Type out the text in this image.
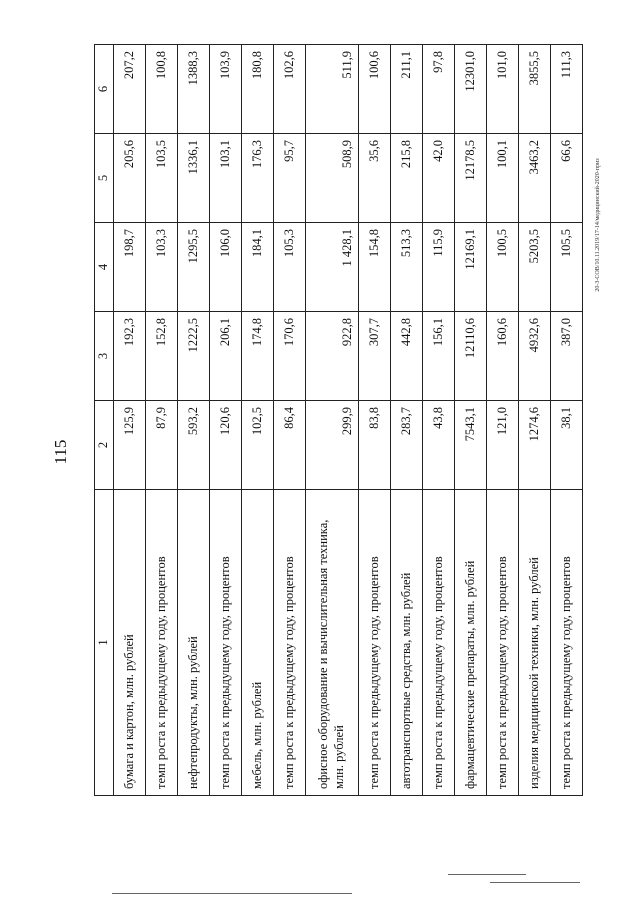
115
20-3-СОВ/10.11.2019/17-14/медицинский-2020-приз
1	2	3	4	5	6
бумага и картон, млн. рублей	125,9	192,3	198,7	205,6	207,2
темп роста к предыдущему году, процентов	87,9	152,8	103,3	103,5	100,8
нефтепродукты, млн. рублей	593,2	1222,5	1295,5	1336,1	1388,3
темп роста к предыдущему году, процентов	120,6	206,1	106,0	103,1	103,9
мебель, млн. рублей	102,5	174,8	184,1	176,3	180,8
темп роста к предыдущему году, процентов	86,4	170,6	105,3	95,7	102,6
офисное оборудование и вычислительная техника, млн. рублей	299,9	922,8	1 428,1	508,9	511,9
темп роста к предыдущему году, процентов	83,8	307,7	154,8	35,6	100,6
автотранспортные средства, млн. рублей	283,7	442,8	513,3	215,8	211,1
темп роста к предыдущему году, процентов	43,8	156,1	115,9	42,0	97,8
фармацевтические препараты, млн. рублей	7543,1	12110,6	12169,1	12178,5	12301,0
темп роста к предыдущему году, процентов	121,0	160,6	100,5	100,1	101,0
изделия медицинской техники, млн. рублей	1274,6	4932,6	5203,5	3463,2	3855,5
темп роста к предыдущему году, процентов	38,1	387,0	105,5	66,6	111,3
